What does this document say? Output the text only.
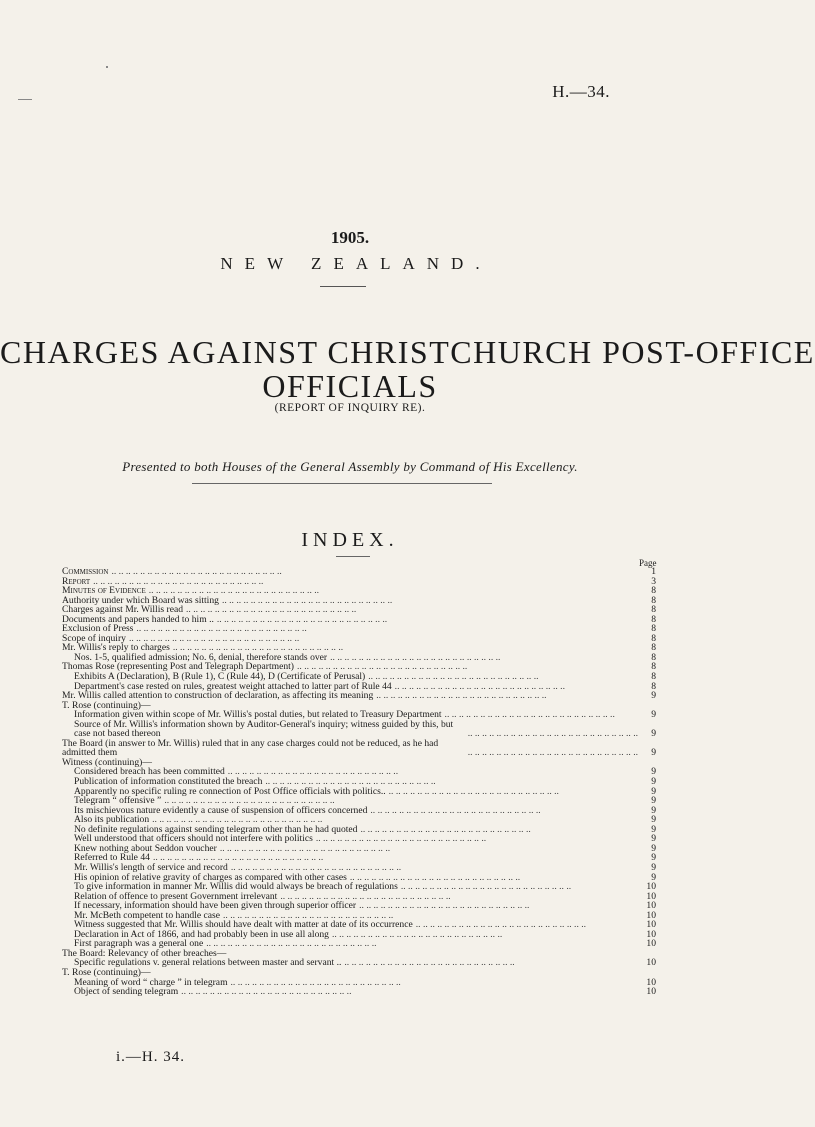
H.—34.
1905.
NEW ZEALAND.
CHARGES AGAINST CHRISTCHURCH POST-OFFICE
OFFICIALS
(REPORT OF INQUIRY RE).
Presented to both Houses of the General Assembly by Command of His Excellency.
INDEX.
Page
Commission .. .. .. .. .. .. .. .. .. .. .. .. .. .. .. .. .. .. .. .. .. .. .. ..	1
Report .. .. .. .. .. .. .. .. .. .. .. .. .. .. .. .. .. .. .. .. .. .. .. ..	3
Minutes of Evidence .. .. .. .. .. .. .. .. .. .. .. .. .. .. .. .. .. .. .. .. .. .. .. ..	8
Authority under which Board was sitting .. .. .. .. .. .. .. .. .. .. .. .. .. .. .. .. .. .. .. .. .. .. .. ..	8
Charges against Mr. Willis read .. .. .. .. .. .. .. .. .. .. .. .. .. .. .. .. .. .. .. .. .. .. .. ..	8
Documents and papers handed to him .. .. .. .. .. .. .. .. .. .. .. .. .. .. .. .. .. .. .. .. .. .. .. .. ..	8
Exclusion of Press .. .. .. .. .. .. .. .. .. .. .. .. .. .. .. .. .. .. .. .. .. .. .. ..	8
Scope of inquiry .. .. .. .. .. .. .. .. .. .. .. .. .. .. .. .. .. .. .. .. .. .. .. ..	8
Mr. Willis's reply to charges .. .. .. .. .. .. .. .. .. .. .. .. .. .. .. .. .. .. .. .. .. .. .. ..	8
Nos. 1-5, qualified admission; No. 6, denial, therefore stands over .. .. .. .. .. .. .. .. .. .. .. .. .. .. .. .. .. .. .. .. .. .. .. ..	8
Thomas Rose (representing Post and Telegraph Department) .. .. .. .. .. .. .. .. .. .. .. .. .. .. .. .. .. .. .. .. .. .. .. ..	8
Exhibits A (Declaration), B (Rule 1), C (Rule 44), D (Certificate of Perusal) .. .. .. .. .. .. .. .. .. .. .. .. .. .. .. .. .. .. .. .. .. .. .. ..	8
Department's case rested on rules, greatest weight attached to latter part of Rule 44 .. .. .. .. .. .. .. .. .. .. .. .. .. .. .. .. .. .. .. .. .. .. .. ..	8
Mr. Willis called attention to construction of declaration, as affecting its meaning .. .. .. .. .. .. .. .. .. .. .. .. .. .. .. .. .. .. .. .. .. .. .. ..	9
T. Rose (continuing)—
Information given within scope of Mr. Willis's postal duties, but related to Treasury Department .. .. .. .. .. .. .. .. .. .. .. .. .. .. .. .. .. .. .. .. .. .. .. ..	9
Source of Mr. Willis's information shown by Auditor-General's inquiry; witness guided by this, but case not based thereon	.. .. .. .. .. .. .. .. .. .. .. .. .. .. .. .. .. .. .. .. .. .. .. ..	9
The Board (in answer to Mr. Willis) ruled that in any case charges could not be reduced, as he had admitted them	.. .. .. .. .. .. .. .. .. .. .. .. .. .. .. .. .. .. .. .. .. .. .. ..	9
Witness (continuing)—
Considered breach has been committed .. .. .. .. .. .. .. .. .. .. .. .. .. .. .. .. .. .. .. .. .. .. .. ..	9
Publication of information constituted the breach .. .. .. .. .. .. .. .. .. .. .. .. .. .. .. .. .. .. .. .. .. .. .. ..	9
Apparently no specific ruling re connection of Post Office officials with politics.. .. .. .. .. .. .. .. .. .. .. .. .. .. .. .. .. .. .. .. .. .. .. .. ..	9
Telegram “ offensive ” .. .. .. .. .. .. .. .. .. .. .. .. .. .. .. .. .. .. .. .. .. .. .. ..	9
Its mischievous nature evidently a cause of suspension of officers concerned .. .. .. .. .. .. .. .. .. .. .. .. .. .. .. .. .. .. .. .. .. .. .. ..	9
Also its publication .. .. .. .. .. .. .. .. .. .. .. .. .. .. .. .. .. .. .. .. .. .. .. ..	9
No definite regulations against sending telegram other than he had quoted .. .. .. .. .. .. .. .. .. .. .. .. .. .. .. .. .. .. .. .. .. .. .. ..	9
Well understood that officers should not interfere with politics .. .. .. .. .. .. .. .. .. .. .. .. .. .. .. .. .. .. .. .. .. .. .. ..	9
Knew nothing about Seddon voucher .. .. .. .. .. .. .. .. .. .. .. .. .. .. .. .. .. .. .. .. .. .. .. ..	9
Referred to Rule 44 .. .. .. .. .. .. .. .. .. .. .. .. .. .. .. .. .. .. .. .. .. .. .. ..	9
Mr. Willis's length of service and record .. .. .. .. .. .. .. .. .. .. .. .. .. .. .. .. .. .. .. .. .. .. .. ..	9
His opinion of relative gravity of charges as compared with other cases .. .. .. .. .. .. .. .. .. .. .. .. .. .. .. .. .. .. .. .. .. .. .. ..	9
To give information in manner Mr. Willis did would always be breach of regulations .. .. .. .. .. .. .. .. .. .. .. .. .. .. .. .. .. .. .. .. .. .. .. ..	10
Relation of offence to present Government irrelevant .. .. .. .. .. .. .. .. .. .. .. .. .. .. .. .. .. .. .. .. .. .. .. ..	10
If necessary, information should have been given through superior officer .. .. .. .. .. .. .. .. .. .. .. .. .. .. .. .. .. .. .. .. .. .. .. ..	10
Mr. McBeth competent to handle case .. .. .. .. .. .. .. .. .. .. .. .. .. .. .. .. .. .. .. .. .. .. .. ..	10
Witness suggested that Mr. Willis should have dealt with matter at date of its occurrence .. .. .. .. .. .. .. .. .. .. .. .. .. .. .. .. .. .. .. .. .. .. .. ..	10
Declaration in Act of 1866, and had probably been in use all along .. .. .. .. .. .. .. .. .. .. .. .. .. .. .. .. .. .. .. .. .. .. .. ..	10
First paragraph was a general one .. .. .. .. .. .. .. .. .. .. .. .. .. .. .. .. .. .. .. .. .. .. .. ..	10
The Board: Relevancy of other breaches—
Specific regulations v. general relations between master and servant .. .. .. .. .. .. .. .. .. .. .. .. .. .. .. .. .. .. .. .. .. .. .. .. ..	10
T. Rose (continuing)—
Meaning of word “ charge ” in telegram .. .. .. .. .. .. .. .. .. .. .. .. .. .. .. .. .. .. .. .. .. .. .. ..	10
Object of sending telegram .. .. .. .. .. .. .. .. .. .. .. .. .. .. .. .. .. .. .. .. .. .. .. ..	10
i.—H. 34.
